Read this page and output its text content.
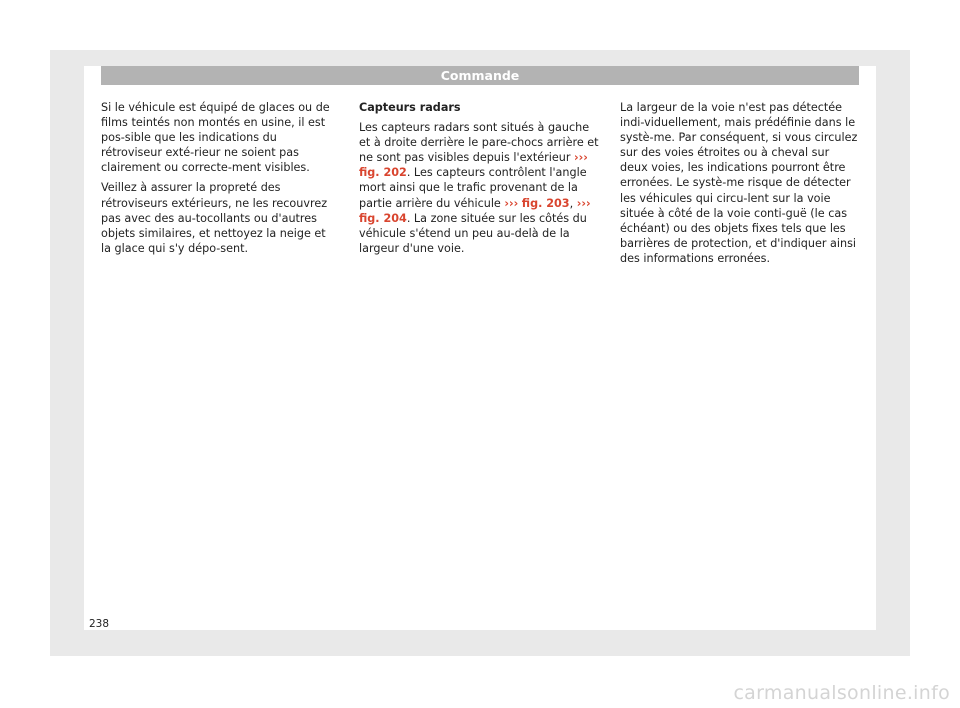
Commande

Si le véhicule est équipé de glaces ou de films teintés non montés en usine, il est pos-sible que les indications du rétroviseur exté-rieur ne soient pas clairement ou correcte-ment visibles.

Veillez à assurer la propreté des rétroviseurs extérieurs, ne les recouvrez pas avec des au-tocollants ou d'autres objets similaires, et nettoyez la neige et la glace qui s'y dépo-sent.

Capteurs radars

Les capteurs radars sont situés à gauche et à droite derrière le pare-chocs arrière et ne sont pas visibles depuis l'extérieur ››› fig. 202. Les capteurs contrôlent l'angle mort ainsi que le trafic provenant de la partie arrière du véhicule ››› fig. 203, ››› fig. 204. La zone située sur les côtés du véhicule s'étend un peu au-delà de la largeur d'une voie.

La largeur de la voie n'est pas détectée indi-viduellement, mais prédéfinie dans le systè-me. Par conséquent, si vous circulez sur des voies étroites ou à cheval sur deux voies, les indications pourront être erronées. Le systè-me risque de détecter les véhicules qui circu-lent sur la voie située à côté de la voie conti-guë (le cas échéant) ou des objets fixes tels que les barrières de protection, et d'indiquer ainsi des informations erronées.

238
carmanualsonline.info
